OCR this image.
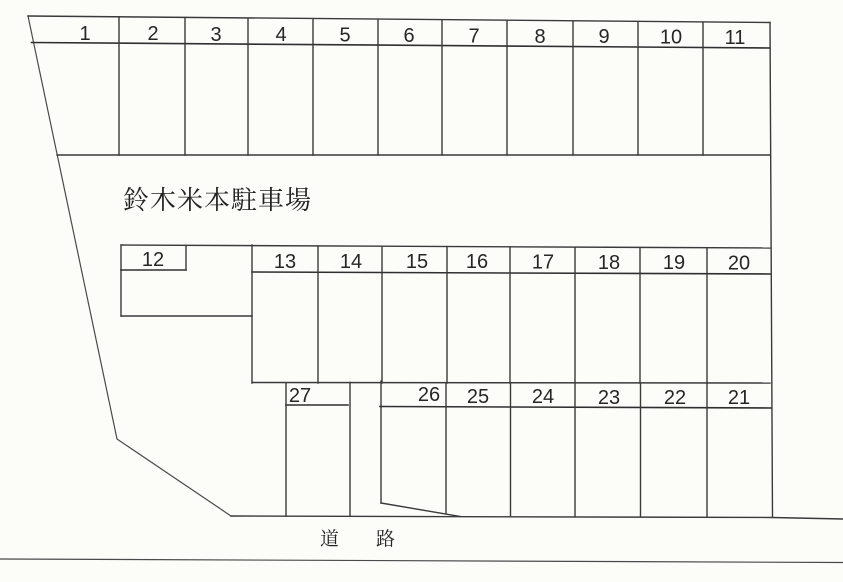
1	2	3	4	5	6	7	8	9	10 11
鈴木米本駐車場
12	13 14 15 16 17 18 19 20
27	26 25 24 23 22 21
道路
